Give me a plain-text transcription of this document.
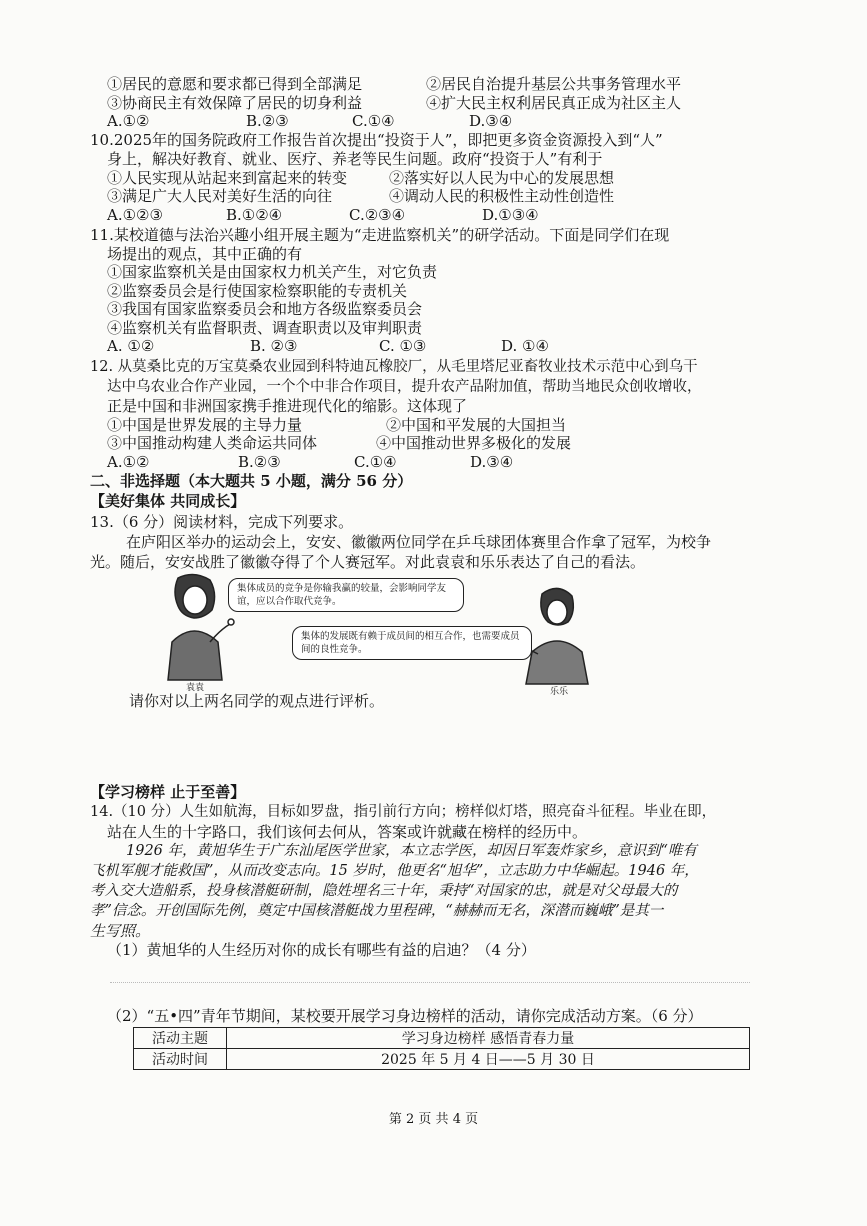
①居民的意愿和要求都已得到全部满足	②居民自治提升基层公共事务管理水平
③协商民主有效保障了居民的切身利益	④扩大民主权利居民真正成为社区主人
A.①②	B.②③	C.①④	D.③④
10.2025年的国务院政府工作报告首次提出“投资于人”，即把更多资金资源投入到“人”
身上，解决好教育、就业、医疗、养老等民生问题。政府“投资于人”有利于
①人民实现从站起来到富起来的转变	②落实好以人民为中心的发展思想
③满足广大人民对美好生活的向往	④调动人民的积极性主动性创造性
A.①②③	B.①②④	C.②③④	D.①③④
11.某校道德与法治兴趣小组开展主题为“走进监察机关”的研学活动。下面是同学们在现
场提出的观点，其中正确的有
①国家监察机关是由国家权力机关产生，对它负责
②监察委员会是行使国家检察职能的专责机关
③我国有国家监察委员会和地方各级监察委员会
④监察机关有监督职责、调查职责以及审判职责
A. ①②	B. ②③	C. ①③	D. ①④
12. 从莫桑比克的万宝莫桑农业园到科特迪瓦橡胶厂，从毛里塔尼亚畜牧业技术示范中心到乌干
达中乌农业合作产业园，一个个中非合作项目，提升农产品附加值，帮助当地民众创收增收，
正是中国和非洲国家携手推进现代化的缩影。这体现了
①中国是世界发展的主导力量	②中国和平发展的大国担当
③中国推动构建人类命运共同体	④中国推动世界多极化的发展
A.①②	B.②③	C.①④	D.③④
二、非选择题（本大题共 5 小题，满分 56 分）
【美好集体 共同成长】
13.（6 分）阅读材料，完成下列要求。
在庐阳区举办的运动会上，安安、徽徽两位同学在乒乓球团体赛里合作拿了冠军，为校争
光。随后，安安战胜了徽徽夺得了个人赛冠军。对此袁袁和乐乐表达了自己的看法。
集体成员的竞争是你输我赢的较量，会影响同学友谊，应以合作取代竞争。
集体的发展既有赖于成员间的相互合作，也需要成员间的良性竞争。
袁袁	乐乐
请你对以上两名同学的观点进行评析。
【学习榜样 止于至善】
14.（10 分）人生如航海，目标如罗盘，指引前行方向；榜样似灯塔，照亮奋斗征程。毕业在即，
站在人生的十字路口，我们该何去何从，答案或许就藏在榜样的经历中。
1926 年，黄旭华生于广东汕尾医学世家，本立志学医，却因日军轰炸家乡，意识到“唯有
飞机军舰才能救国”，从而改变志向。15 岁时，他更名“旭华”，立志助力中华崛起。1946 年，
考入交大造船系，投身核潜艇研制，隐姓埋名三十年，秉持“对国家的忠，就是对父母最大的
孝”信念。开创国际先例，奠定中国核潜艇战力里程碑，“赫赫而无名，深潜而巍峨”是其一
生写照。
（1）黄旭华的人生经历对你的成长有哪些有益的启迪？（4 分）
（2）“五•四”青年节期间，某校要开展学习身边榜样的活动，请你完成活动方案。（6 分）
活动主题	学习身边榜样 感悟青春力量
活动时间	2025 年 5 月 4 日——5 月 30 日
第 2 页 共 4 页
